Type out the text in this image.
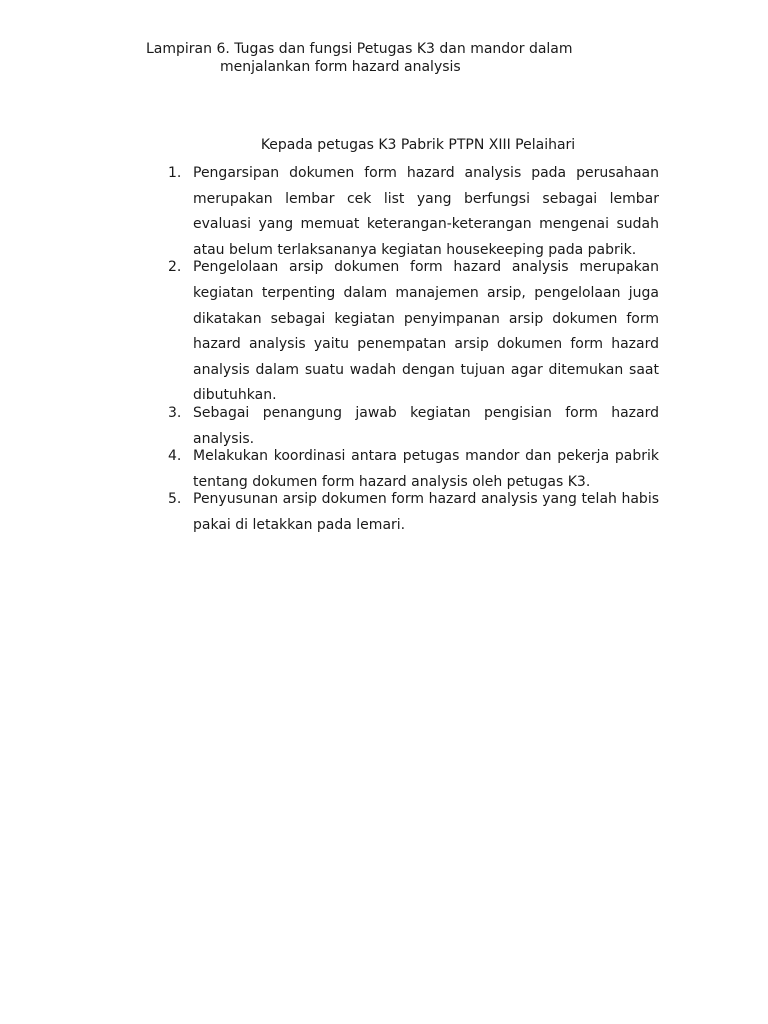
Lampiran 6. Tugas dan fungsi Petugas K3 dan mandor dalam
menjalankan form hazard analysis
Kepada petugas K3 Pabrik PTPN XIII Pelaihari
1. Pengarsipan dokumen form hazard analysis pada perusahaan merupakan lembar cek list yang berfungsi sebagai lembar evaluasi yang memuat keterangan-keterangan mengenai sudah atau belum terlaksananya kegiatan housekeeping pada pabrik.
2. Pengelolaan arsip dokumen form hazard analysis merupakan kegiatan terpenting dalam manajemen arsip, pengelolaan juga dikatakan sebagai kegiatan penyimpanan arsip dokumen form hazard analysis yaitu penempatan arsip dokumen form hazard analysis dalam suatu wadah dengan tujuan agar ditemukan saat dibutuhkan.
3. Sebagai penangung jawab kegiatan pengisian form hazard analysis.
4. Melakukan koordinasi antara petugas mandor dan pekerja pabrik tentang dokumen form hazard analysis oleh petugas K3.
5. Penyusunan arsip dokumen form hazard analysis yang telah habis pakai di letakkan pada lemari.
